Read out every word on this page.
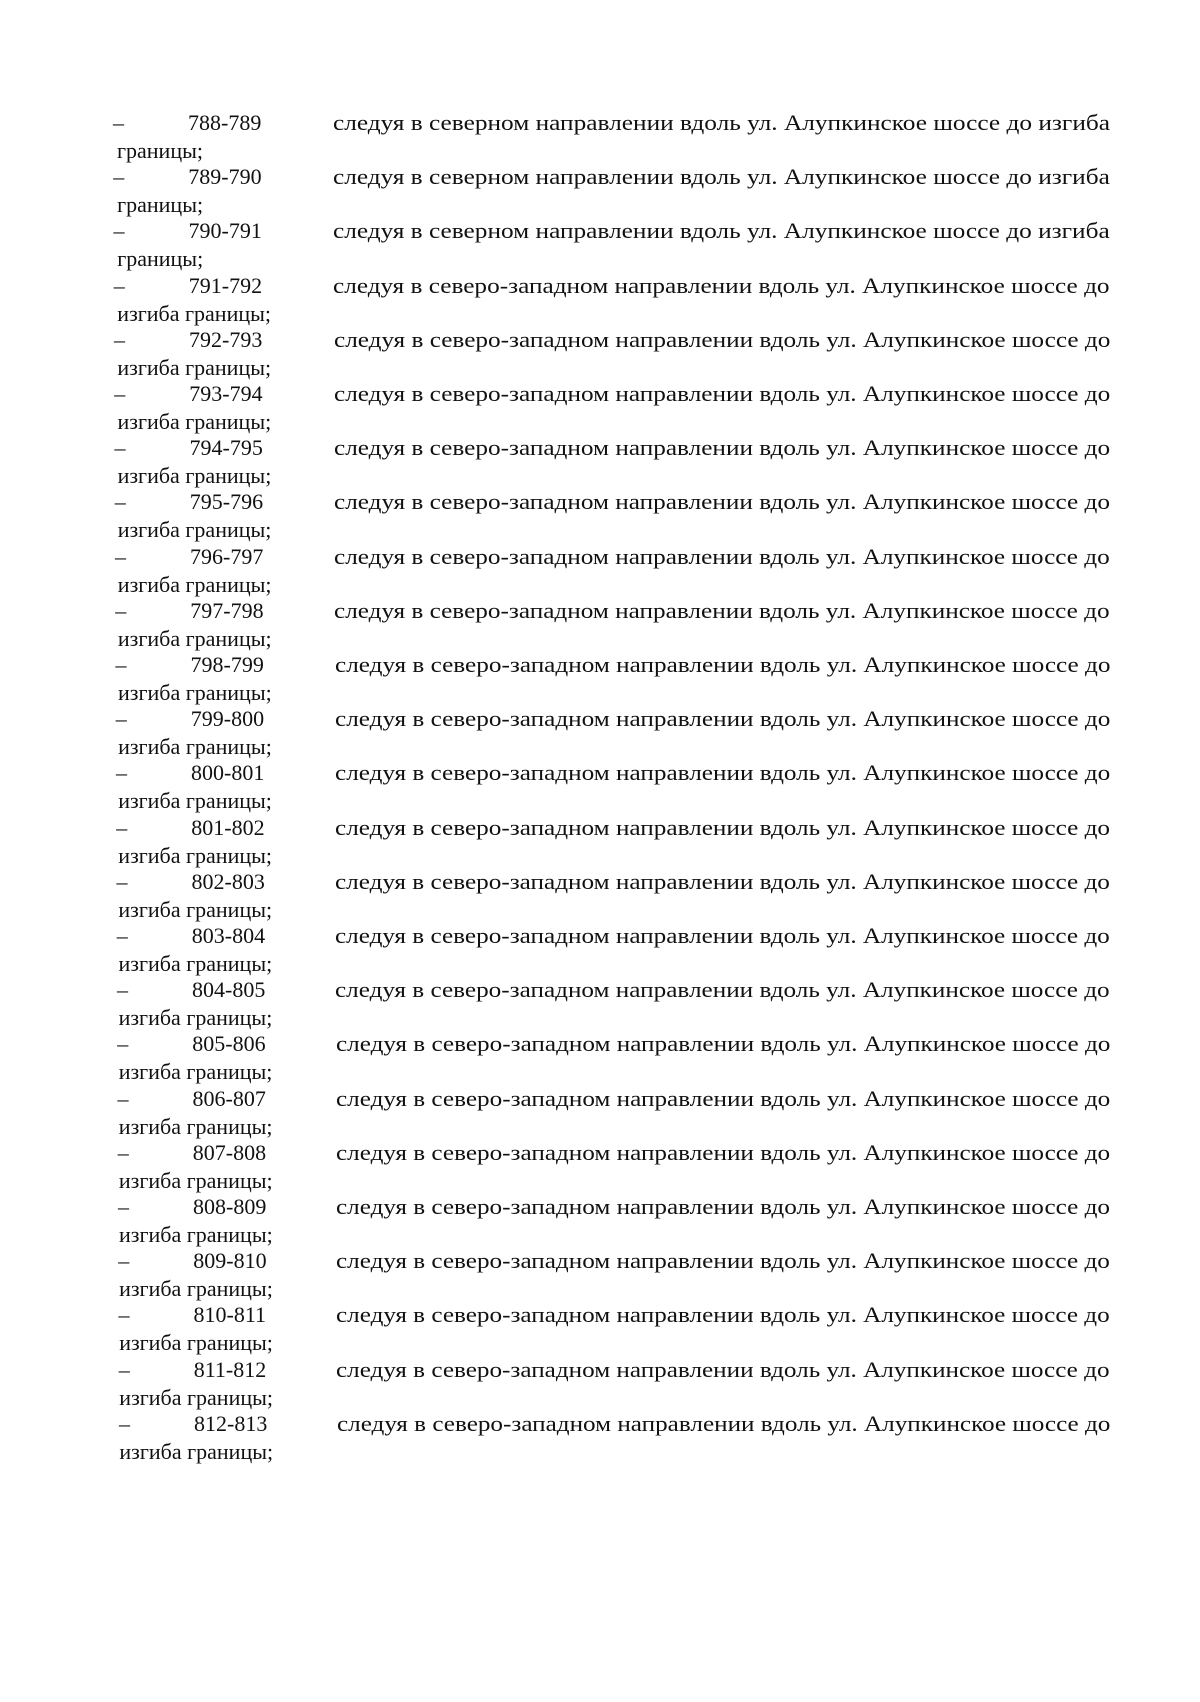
–	788-789	следуя в северном направлении вдоль ул. Алупкинское шоссе до изгиба
границы;
–	789-790	следуя в северном направлении вдоль ул. Алупкинское шоссе до изгиба
границы;
–	790-791	следуя в северном направлении вдоль ул. Алупкинское шоссе до изгиба
границы;
–	791-792	следуя в северо-западном направлении вдоль ул. Алупкинское шоссе до
изгиба границы;
–	792-793	следуя в северо-западном направлении вдоль ул. Алупкинское шоссе до
изгиба границы;
–	793-794	следуя в северо-западном направлении вдоль ул. Алупкинское шоссе до
изгиба границы;
–	794-795	следуя в северо-западном направлении вдоль ул. Алупкинское шоссе до
изгиба границы;
–	795-796	следуя в северо-западном направлении вдоль ул. Алупкинское шоссе до
изгиба границы;
–	796-797	следуя в северо-западном направлении вдоль ул. Алупкинское шоссе до
изгиба границы;
–	797-798	следуя в северо-западном направлении вдоль ул. Алупкинское шоссе до
изгиба границы;
–	798-799	следуя в северо-западном направлении вдоль ул. Алупкинское шоссе до
изгиба границы;
–	799-800	следуя в северо-западном направлении вдоль ул. Алупкинское шоссе до
изгиба границы;
–	800-801	следуя в северо-западном направлении вдоль ул. Алупкинское шоссе до
изгиба границы;
–	801-802	следуя в северо-западном направлении вдоль ул. Алупкинское шоссе до
изгиба границы;
–	802-803	следуя в северо-западном направлении вдоль ул. Алупкинское шоссе до
изгиба границы;
–	803-804	следуя в северо-западном направлении вдоль ул. Алупкинское шоссе до
изгиба границы;
–	804-805	следуя в северо-западном направлении вдоль ул. Алупкинское шоссе до
изгиба границы;
–	805-806	следуя в северо-западном направлении вдоль ул. Алупкинское шоссе до
изгиба границы;
–	806-807	следуя в северо-западном направлении вдоль ул. Алупкинское шоссе до
изгиба границы;
–	807-808	следуя в северо-западном направлении вдоль ул. Алупкинское шоссе до
изгиба границы;
–	808-809	следуя в северо-западном направлении вдоль ул. Алупкинское шоссе до
изгиба границы;
–	809-810	следуя в северо-западном направлении вдоль ул. Алупкинское шоссе до
изгиба границы;
–	810-811	следуя в северо-западном направлении вдоль ул. Алупкинское шоссе до
изгиба границы;
–	811-812	следуя в северо-западном направлении вдоль ул. Алупкинское шоссе до
изгиба границы;
–	812-813	следуя в северо-западном направлении вдоль ул. Алупкинское шоссе до
изгиба границы;
